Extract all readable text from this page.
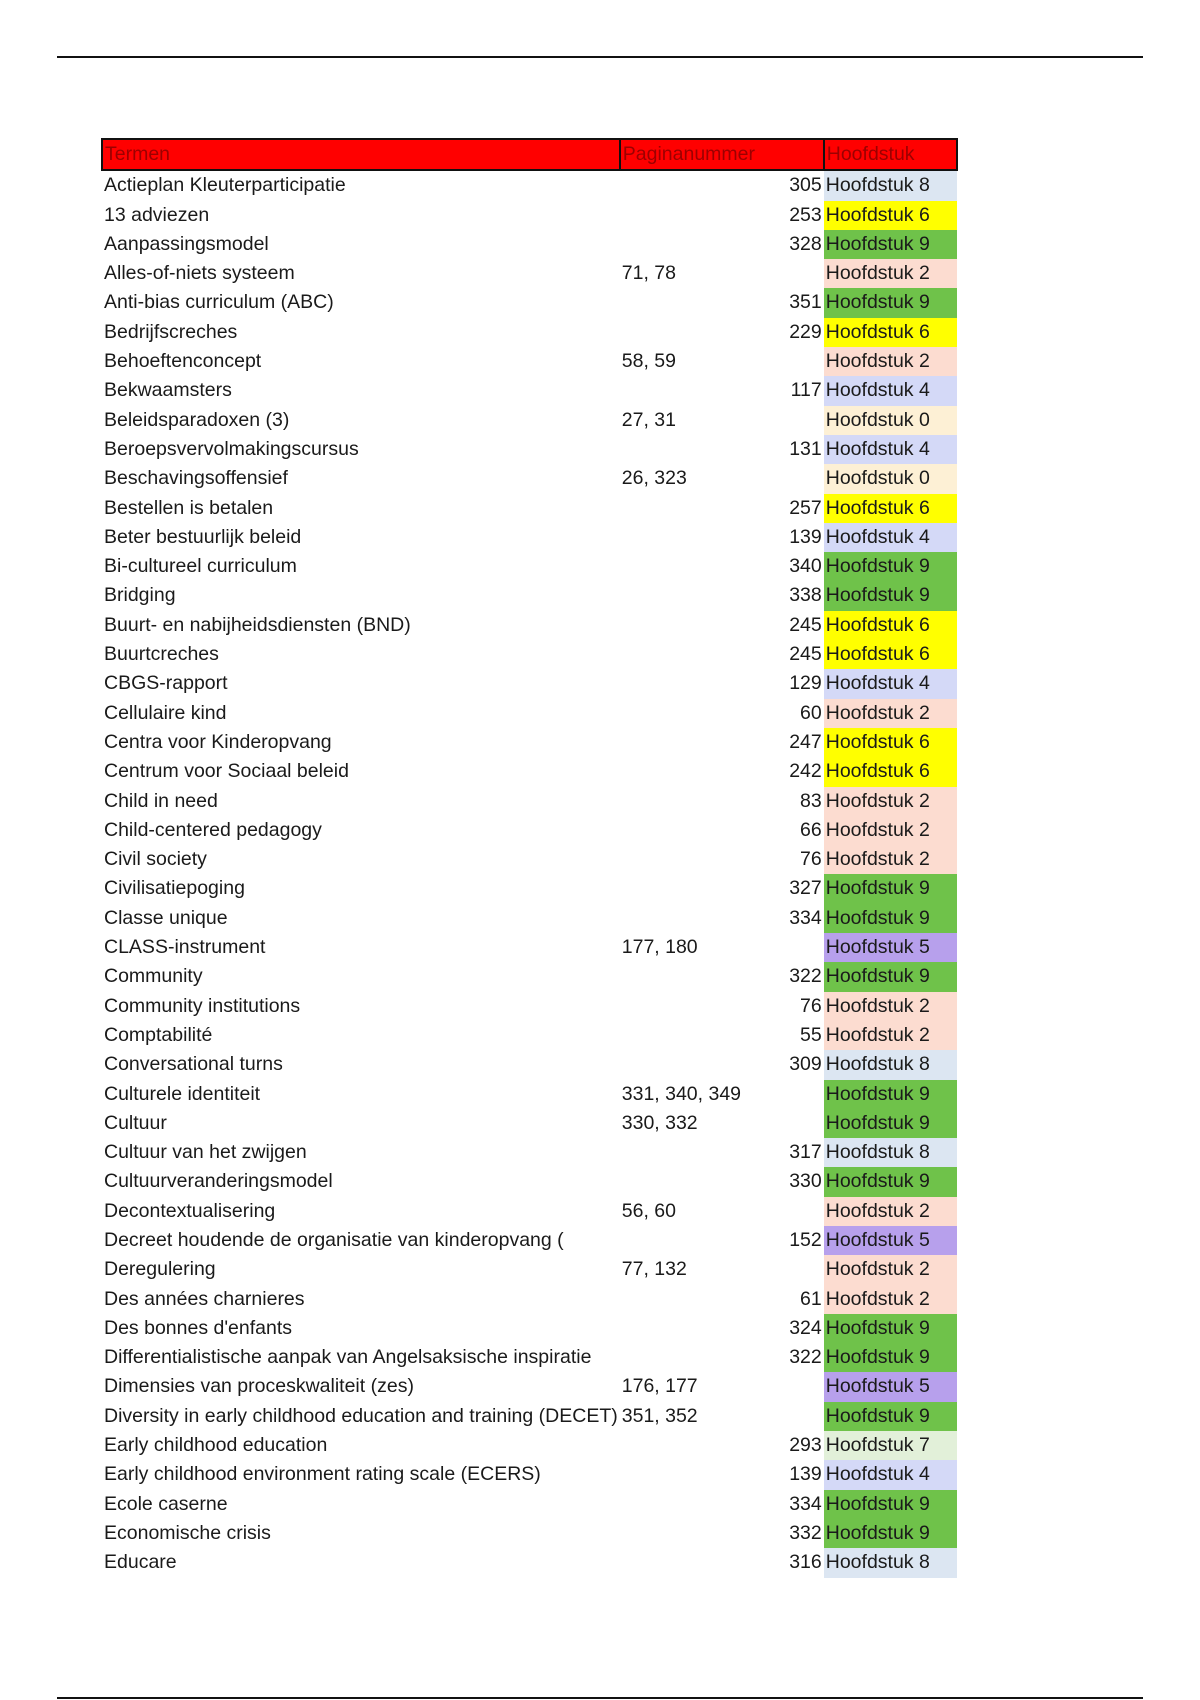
Termen	Paginanummer	Hoofdstuk
Actieplan Kleuterparticipatie	305	Hoofdstuk 8
13 adviezen	253	Hoofdstuk 6
Aanpassingsmodel	328	Hoofdstuk 9
Alles-of-niets systeem	71, 78	Hoofdstuk 2
Anti-bias curriculum (ABC)	351	Hoofdstuk 9
Bedrijfscreches	229	Hoofdstuk 6
Behoeftenconcept	58, 59	Hoofdstuk 2
Bekwaamsters	117	Hoofdstuk 4
Beleidsparadoxen (3)	27, 31	Hoofdstuk 0
Beroepsvervolmakingscursus	131	Hoofdstuk 4
Beschavingsoffensief	26, 323	Hoofdstuk 0
Bestellen is betalen	257	Hoofdstuk 6
Beter bestuurlijk beleid	139	Hoofdstuk 4
Bi-cultureel curriculum	340	Hoofdstuk 9
Bridging	338	Hoofdstuk 9
Buurt- en nabijheidsdiensten (BND)	245	Hoofdstuk 6
Buurtcreches	245	Hoofdstuk 6
CBGS-rapport	129	Hoofdstuk 4
Cellulaire kind	60	Hoofdstuk 2
Centra voor Kinderopvang	247	Hoofdstuk 6
Centrum voor Sociaal beleid	242	Hoofdstuk 6
Child in need	83	Hoofdstuk 2
Child-centered pedagogy	66	Hoofdstuk 2
Civil society	76	Hoofdstuk 2
Civilisatiepoging	327	Hoofdstuk 9
Classe unique	334	Hoofdstuk 9
CLASS-instrument	177, 180	Hoofdstuk 5
Community	322	Hoofdstuk 9
Community institutions	76	Hoofdstuk 2
Comptabilité	55	Hoofdstuk 2
Conversational turns	309	Hoofdstuk 8
Culturele identiteit	331, 340, 349	Hoofdstuk 9
Cultuur	330, 332	Hoofdstuk 9
Cultuur van het zwijgen	317	Hoofdstuk 8
Cultuurveranderingsmodel	330	Hoofdstuk 9
Decontextualisering	56, 60	Hoofdstuk 2
Decreet houdende de organisatie van kinderopvang (	152	Hoofdstuk 5
Deregulering	77, 132	Hoofdstuk 2
Des années charnieres	61	Hoofdstuk 2
Des bonnes d'enfants	324	Hoofdstuk 9
Differentialistische aanpak van Angelsaksische inspiratie	322	Hoofdstuk 9
Dimensies van proceskwaliteit (zes)	176, 177	Hoofdstuk 5
Diversity in early childhood education and training (DECET)	351, 352	Hoofdstuk 9
Early childhood education	293	Hoofdstuk 7
Early childhood environment rating scale (ECERS)	139	Hoofdstuk 4
Ecole caserne	334	Hoofdstuk 9
Economische crisis	332	Hoofdstuk 9
Educare	316	Hoofdstuk 8
